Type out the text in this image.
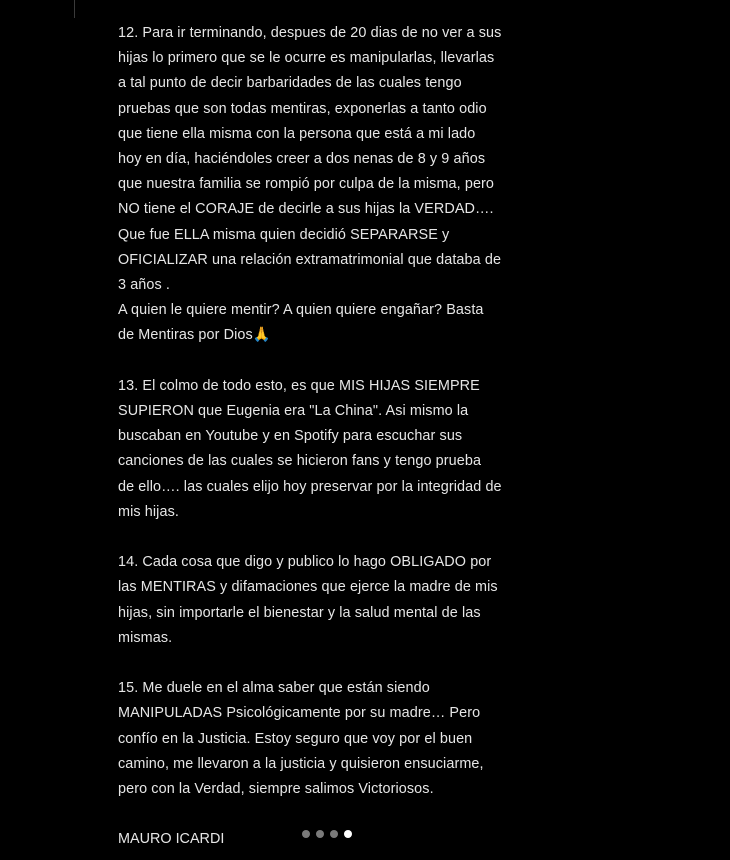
12. Para ir terminando, despues de 20 dias de no ver a sus
hijas lo primero que se le ocurre es manipularlas, llevarlas
a tal punto de decir barbaridades de las cuales tengo
pruebas que son todas mentiras, exponerlas a tanto odio
que tiene ella misma con la persona que está a mi lado
hoy en día, haciéndoles creer a dos nenas de 8 y 9 años
que nuestra familia se rompió por culpa de la misma, pero
NO tiene el CORAJE de decirle a sus hijas la VERDAD….
Que fue ELLA misma quien decidió SEPARARSE y
OFICIALIZAR una relación extramatrimonial que databa de
3 años .
A quien le quiere mentir? A quien quiere engañar? Basta
de Mentiras por Dios🙏

13. El colmo de todo esto, es que MIS HIJAS SIEMPRE
SUPIERON que Eugenia era "La China". Asi mismo la
buscaban en Youtube y en Spotify para escuchar sus
canciones de las cuales se hicieron fans y tengo prueba
de ello…. las cuales elijo hoy preservar por la integridad de
mis hijas.

14. Cada cosa que digo y publico lo hago OBLIGADO por
las MENTIRAS y difamaciones que ejerce la madre de mis
hijas, sin importarle el bienestar y la salud mental de las
mismas.

15. Me duele en el alma saber que están siendo
MANIPULADAS Psicológicamente por su madre… Pero
confío en la Justicia. Estoy seguro que voy por el buen
camino, me llevaron a la justicia y quisieron ensuciarme,
pero con la Verdad, siempre salimos Victoriosos.

MAURO ICARDI
